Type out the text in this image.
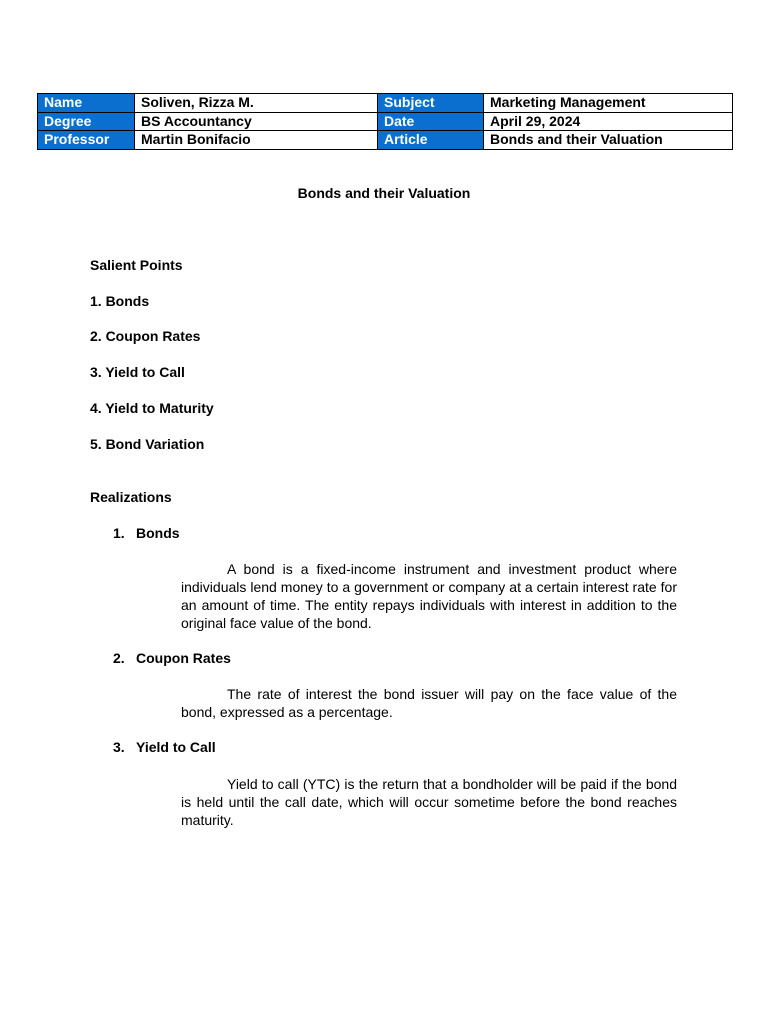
Name	Soliven, Rizza M.	Subject	Marketing Management
Degree	BS Accountancy	Date	April 29, 2024
Professor	Martin Bonifacio	Article	Bonds and their Valuation
Bonds and their Valuation
Salient Points
1. Bonds
2. Coupon Rates
3. Yield to Call
4. Yield to Maturity
5. Bond Variation
Realizations
1. Bonds
A bond is a fixed-income instrument and investment product where individuals lend money to a government or company at a certain interest rate for an amount of time. The entity repays individuals with interest in addition to the original face value of the bond.
2. Coupon Rates
The rate of interest the bond issuer will pay on the face value of the bond, expressed as a percentage.
3. Yield to Call
Yield to call (YTC) is the return that a bondholder will be paid if the bond is held until the call date, which will occur sometime before the bond reaches maturity.
